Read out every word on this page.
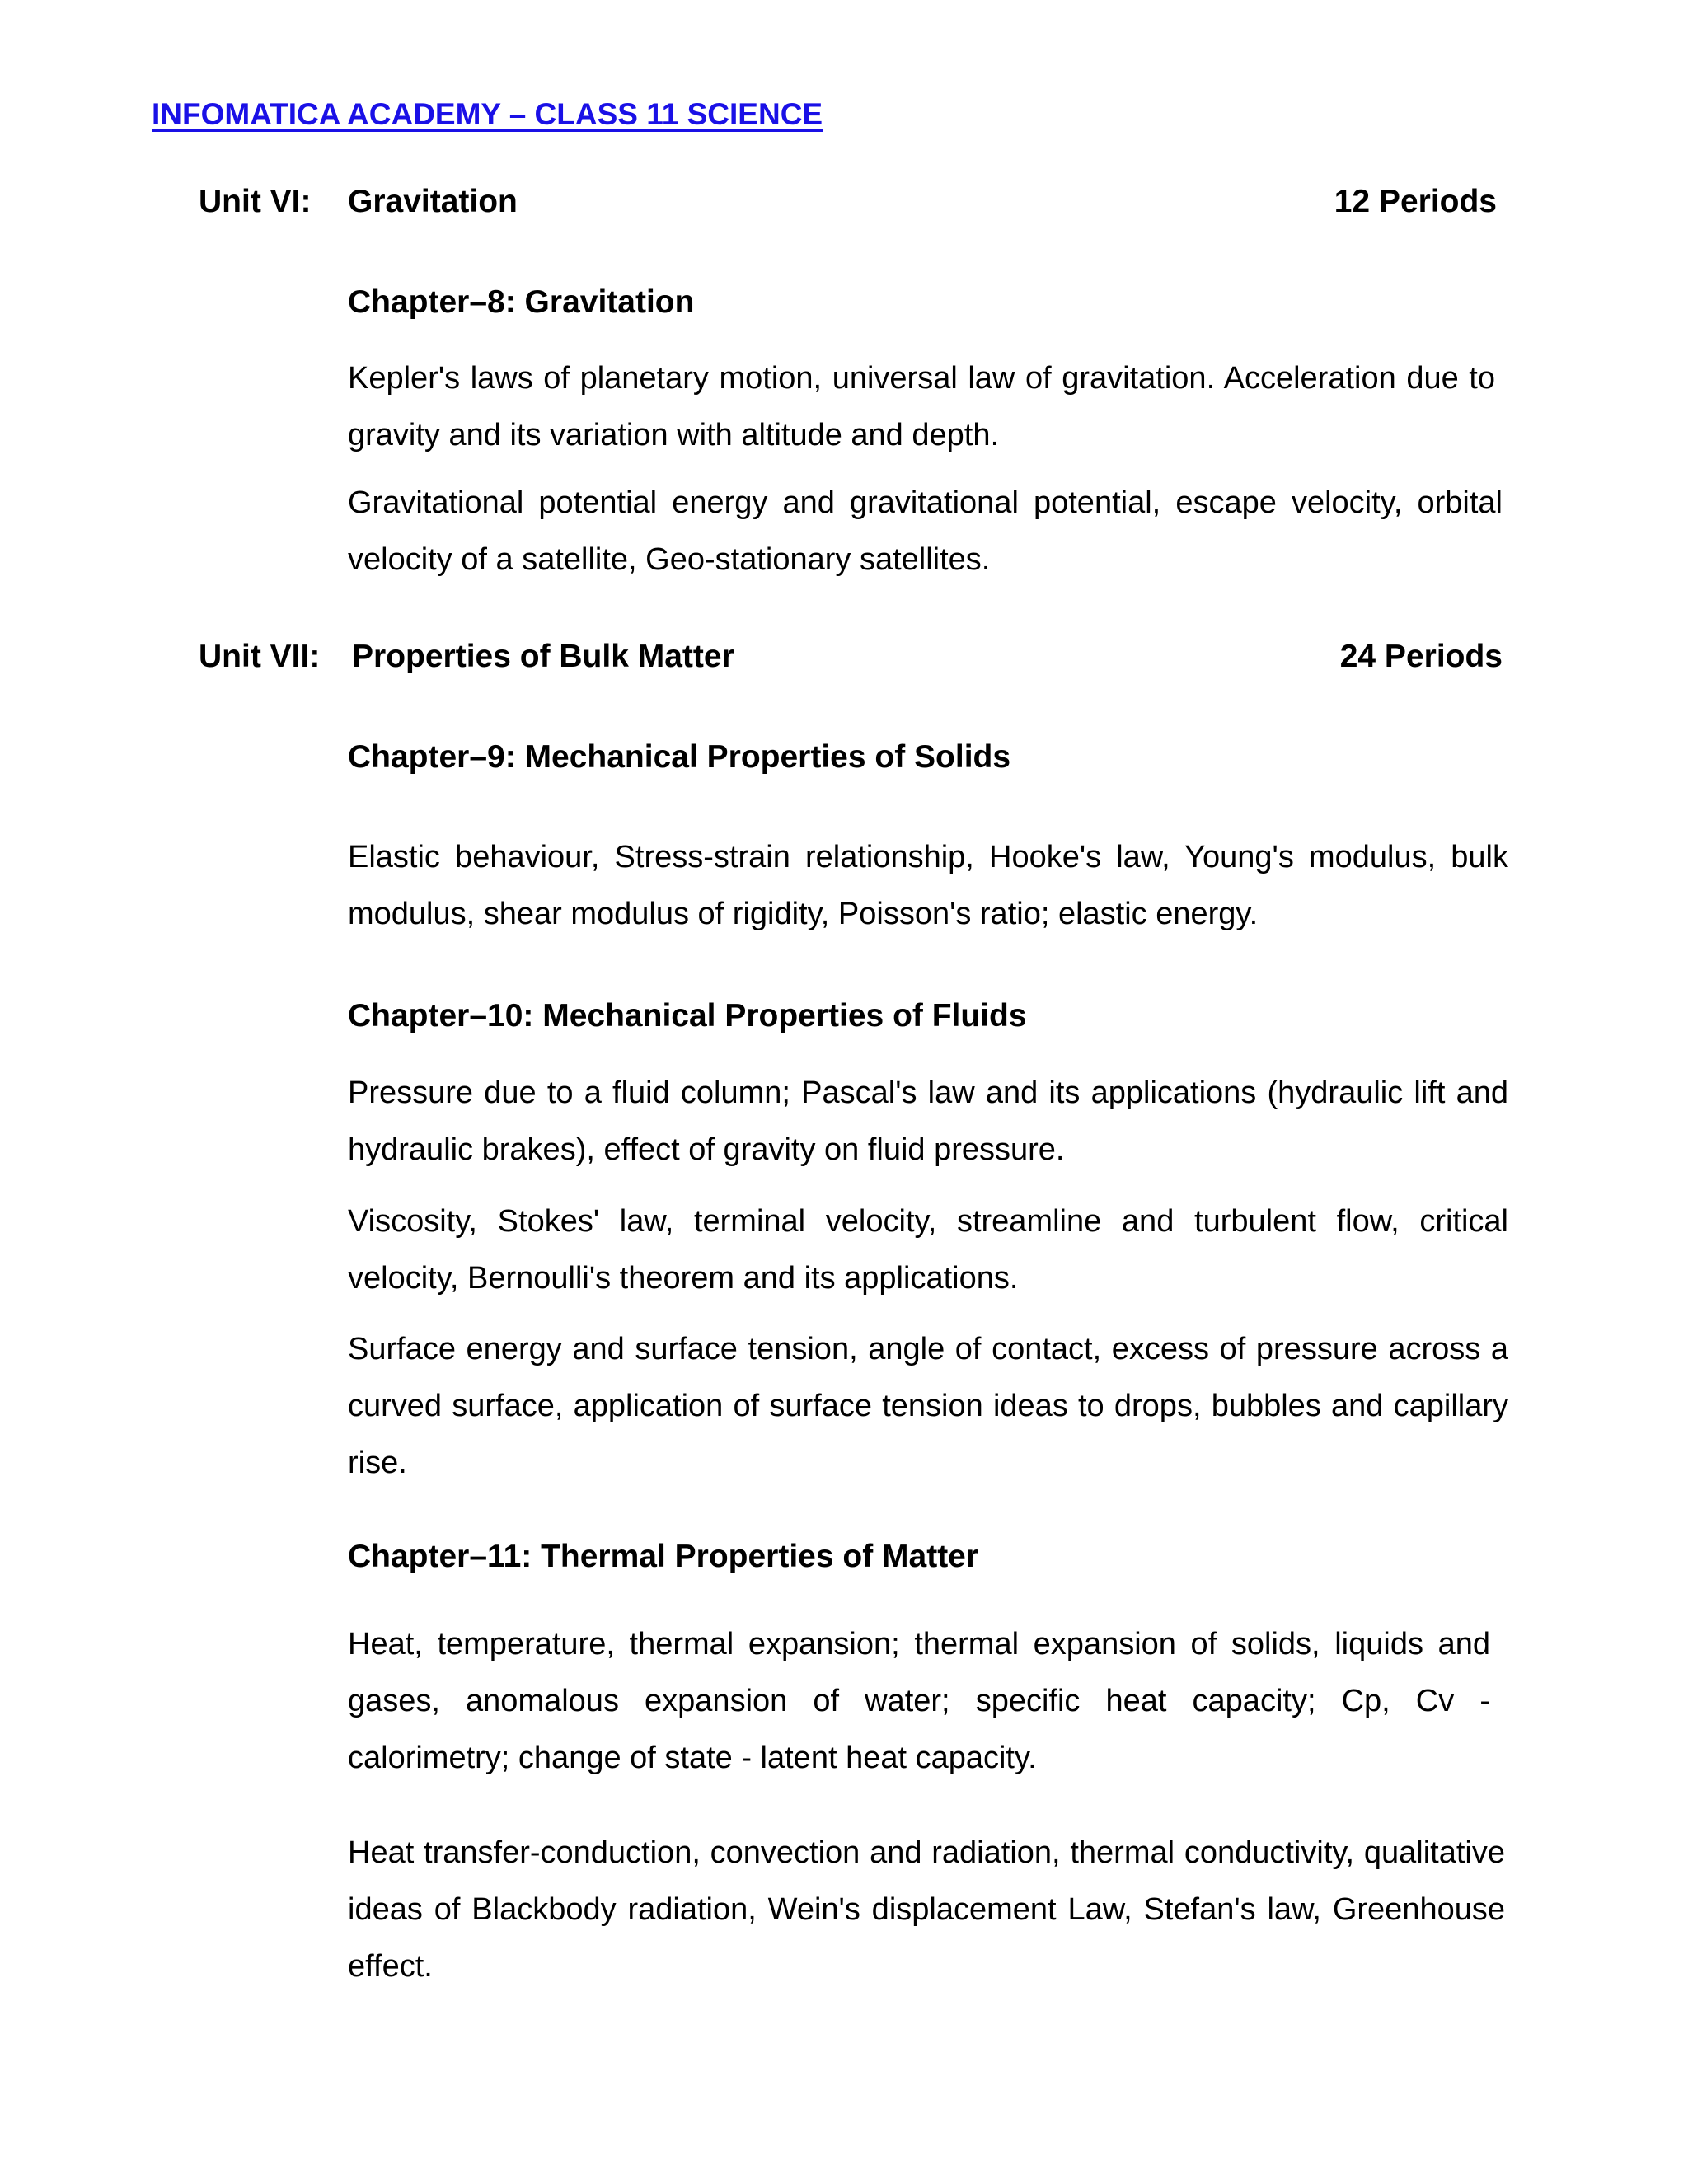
INFOMATICA ACADEMY – CLASS 11 SCIENCE
Unit VI: Gravitation	12 Periods
Chapter–8: Gravitation
Kepler's laws of planetary motion, universal law of gravitation. Acceleration due to gravity and its variation with altitude and depth.
Gravitational potential energy and gravitational potential, escape velocity, orbital velocity of a satellite, Geo-stationary satellites.
Unit VII: Properties of Bulk Matter	24 Periods
Chapter–9: Mechanical Properties of Solids
Elastic behaviour, Stress-strain relationship, Hooke's law, Young's modulus, bulk modulus, shear modulus of rigidity, Poisson's ratio; elastic energy.
Chapter–10: Mechanical Properties of Fluids
Pressure due to a fluid column; Pascal's law and its applications (hydraulic lift and hydraulic brakes), effect of gravity on fluid pressure.
Viscosity, Stokes' law, terminal velocity, streamline and turbulent flow, critical velocity, Bernoulli's theorem and its applications.
Surface energy and surface tension, angle of contact, excess of pressure across a curved surface, application of surface tension ideas to drops, bubbles and capillary rise.
Chapter–11: Thermal Properties of Matter
Heat, temperature, thermal expansion; thermal expansion of solids, liquids and gases, anomalous expansion of water; specific heat capacity; Cp, Cv - calorimetry; change of state - latent heat capacity.
Heat transfer-conduction, convection and radiation, thermal conductivity, qualitative ideas of Blackbody radiation, Wein's displacement Law, Stefan's law, Greenhouse effect.
